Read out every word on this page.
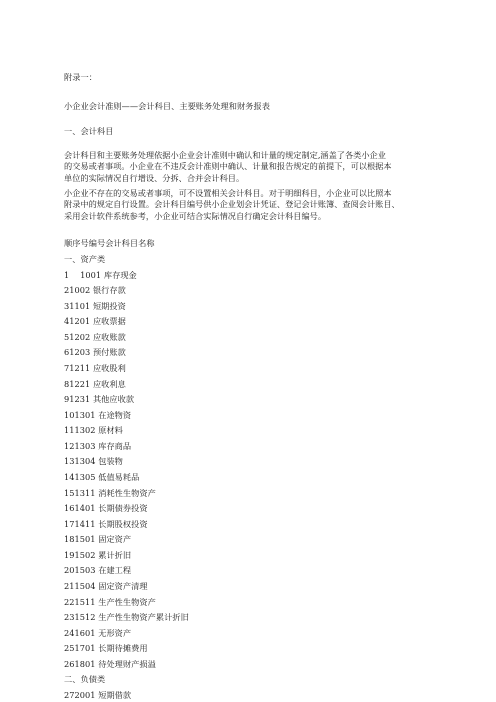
附录一：
小企业会计准则——会计科目、主要账务处理和财务报表
一、会计科目
会计科目和主要账务处理依据小企业会计准则中确认和计量的规定制定,涵盖了各类小企业
的交易或者事项。小企业在不违反会计准则中确认、计量和报告规定的前提下，可以根据本
单位的实际情况自行增设、分拆、合并会计科目。
小企业不存在的交易或者事项，可不设置相关会计科目。对于明细科目，小企业可以比照本
附录中的规定自行设置。会计科目编号供小企业划会计凭证、登记会计账簿、查阅会计账目、
采用会计软件系统参考，小企业可结合实际情况自行确定会计科目编号。
顺序号编号会计科目名称
一、资产类
1　 1001 库存现金
21002 银行存款
31101 短期投资
41201 应收票据
51202 应收账款
61203 预付账款
71211 应收股利
81221 应收利息
91231 其他应收款
101301 在途物资
111302 原材料
121303 库存商品
131304 包装物
141305 低值易耗品
151311 消耗性生物资产
161401 长期债券投资
171411 长期股权投资
181501 固定资产
191502 累计折旧
201503 在建工程
211504 固定资产清理
221511 生产性生物资产
231512 生产性生物资产累计折旧
241601 无形资产
251701 长期待摊费用
261801 待处理财产损溢
二、负债类
272001 短期借款
